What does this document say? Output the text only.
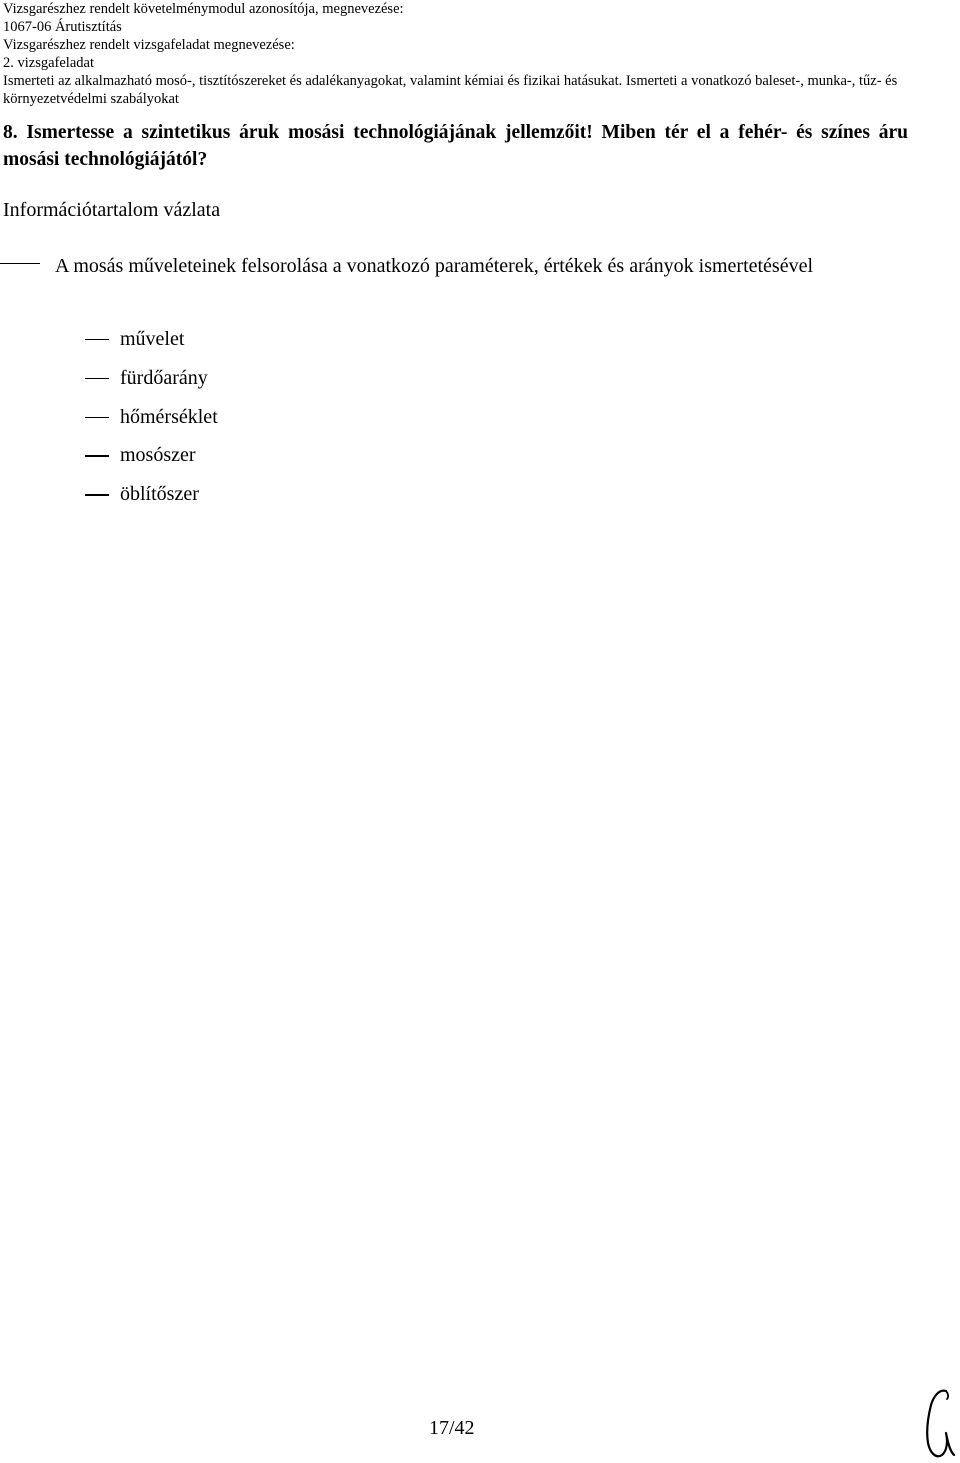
Vizsgarészhez rendelt követelménymodul azonosítója, megnevezése:
1067-06 Árutisztítás
Vizsgarészhez rendelt vizsgafeladat megnevezése:
2. vizsgafeladat
Ismerteti az alkalmazható mosó-, tisztítószereket és adalékanyagokat, valamint kémiai és fizikai hatásukat. Ismerteti a vonatkozó baleset-, munka-, tűz- és környezetvédelmi szabályokat
8. Ismertesse a szintetikus áruk mosási technológiájának jellemzőit! Miben tér el a fehér- és színes áru mosási technológiájától?
Információtartalom vázlata
A mosás műveleteinek felsorolása a vonatkozó paraméterek, értékek és arányok ismertetésével
művelet
fürdőarány
hőmérséklet
mosószer
öblítőszer
17/42
